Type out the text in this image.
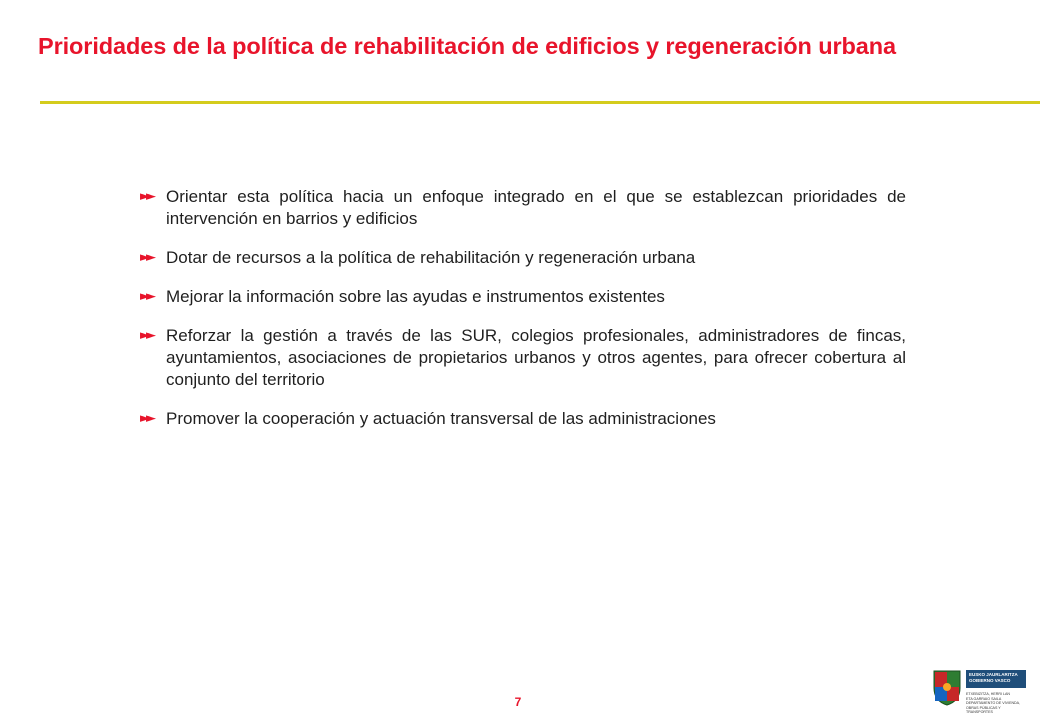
Prioridades de la política de rehabilitación de edificios y regeneración urbana
►► Orientar esta política hacia un enfoque integrado en el que se establezcan prioridades de intervención en barrios y edificios
►► Dotar de recursos a la política de rehabilitación y regeneración urbana
►► Mejorar la información sobre las ayudas e instrumentos existentes
►► Reforzar la gestión a través de las SUR, colegios profesionales, administradores de fincas, ayuntamientos, asociaciones de propietarios urbanos y otros agentes, para ofrecer cobertura al conjunto del territorio
►► Promover la cooperación y actuación transversal de las administraciones
7
EUSKO JAURLARITZA
GOBIERNO VASCO
ETXEBIZITZA, HERRI LAN
ETA GARRAIO SAILA
DEPARTAMENTO DE VIVIENDA,
OBRAS PÚBLICAS Y TRANSPORTES
